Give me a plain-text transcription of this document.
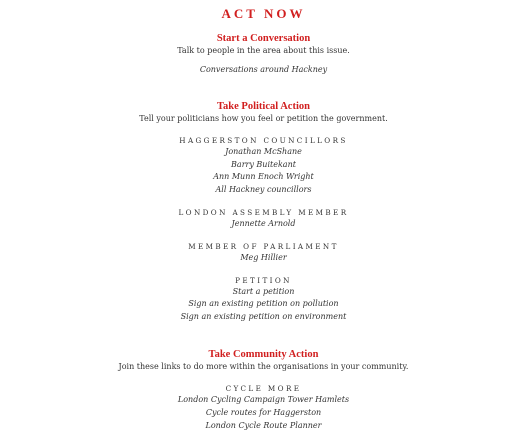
ACT NOW
Start a Conversation
Talk to people in the area about this issue.
Conversations around Hackney
Take Political Action
Tell your politicians how you feel or petition the government.
HAGGERSTON COUNCILLORS
Jonathan McShane
Barry Buitekant
Ann Munn Enoch Wright
All Hackney councillors
LONDON ASSEMBLY MEMBER
Jennette Arnold
MEMBER OF PARLIAMENT
Meg Hillier
PETITION
Start a petition
Sign an existing petition on pollution
Sign an existing petition on environment
Take Community Action
Join these links to do more within the organisations in your community.
CYCLE MORE
London Cycling Campaign Tower Hamlets
Cycle routes for Haggerston
London Cycle Route Planner
